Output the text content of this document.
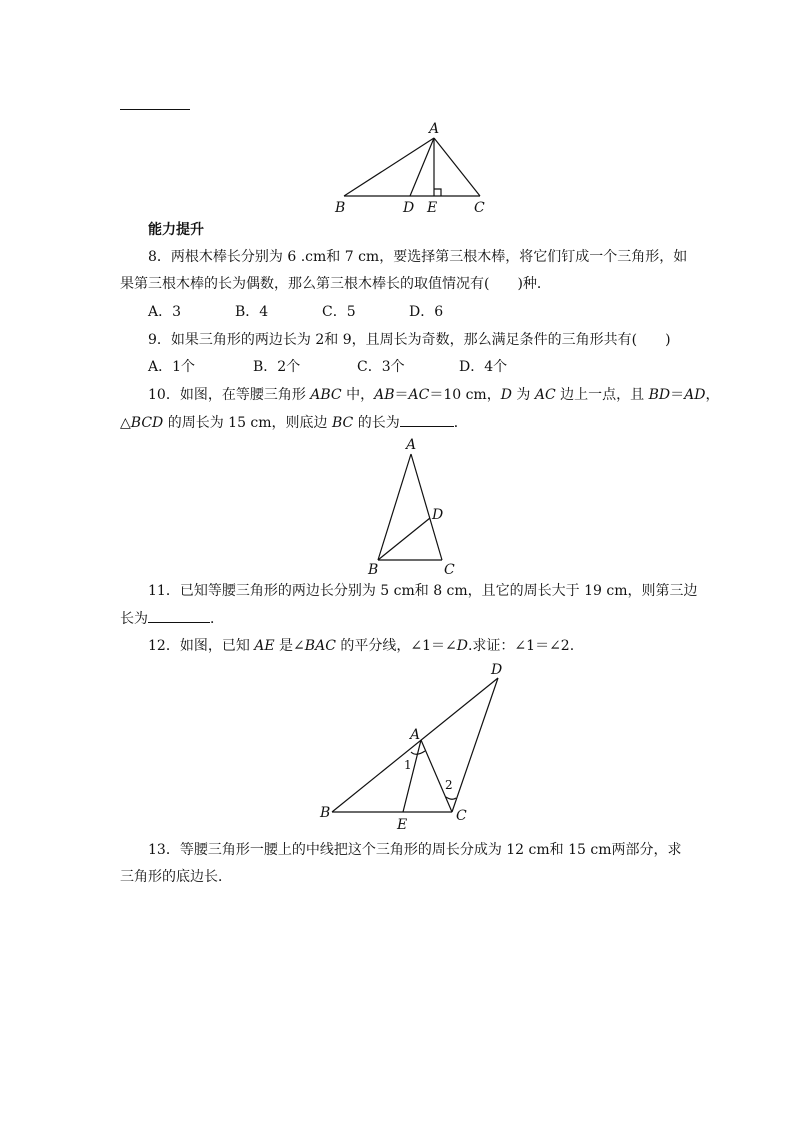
A
B	D E	C
能力提升
8．两根木棒长分别为 6 .cm和 7 cm，要选择第三根木棒，将它们钉成一个三角形，如
果第三根木棒的长为偶数，那么第三根木棒长的取值情况有(　　)种．
A．3	B．4	C．5	D．6
9．如果三角形的两边长为 2和 9，且周长为奇数，那么满足条件的三角形共有(　　)
A．1个	B．2个	C．3个	D．4个
10．如图，在等腰三角形 ABC 中，AB＝AC＝10 cm，D 为 AC 边上一点，且 BD＝AD，
△BCD 的周长为 15 cm，则底边 BC 的长为	．
A
D
B	C
11．已知等腰三角形的两边长分别为 5 cm和 8 cm，且它的周长大于 19 cm，则第三边
长为	．
12．如图，已知 AE 是∠BAC 的平分线，∠1＝∠D.求证：∠1＝∠2.
D
A
1
2
B
E
C
13．等腰三角形一腰上的中线把这个三角形的周长分成为 12 cm和 15 cm两部分，求
三角形的底边长．
